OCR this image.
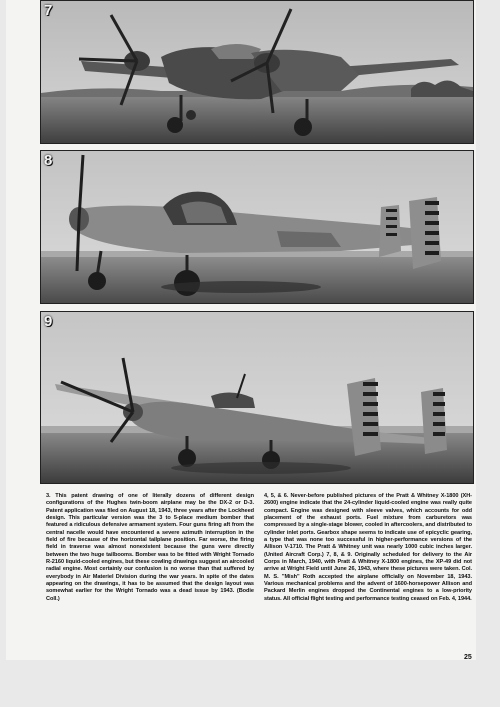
7
8
9
3. This patent drawing of one of literally dozens of different design configurations of the Hughes twin-boom airplane may be the DX-2 or D-3. Patent application was filed on August 18, 1943, three years after the Lockheed design. This particular version was the 3 to 5-place medium bomber that featured a ridiculous defensive armament system. Four guns firing aft from the central nacelle would have encountered a severe azimuth interruption in the field of fire because of the horizontal tailplane position. Far worse, the firing field in traverse was almost nonexistent because the guns were directly between the two huge tailbooms. Bomber was to be fitted with Wright Tornado R-2160 liquid-cooled engines, but these cowling drawings suggest an aircooled radial engine. Most certainly our confusion is no worse than that suffered by everybody in Air Materiel Division during the war years. In spite of the dates appearing on the drawings, it has to be assumed that the design layout was somewhat earlier for the Wright Tornado was a dead issue by 1943. (Bodie Coll.)
4, 5, & 6. Never-before published pictures of the Pratt & Whitney X-1800 (XH-2600) engine indicate that the 24-cylinder liquid-cooled engine was really quite compact. Engine was designed with sleeve valves, which accounts for odd placement of the exhaust ports. Fuel mixture from carburetors was compressed by a single-stage blower, cooled in aftercoolers, and distributed to cylinder inlet ports. Gearbox shape seems to indicate use of epicyclic gearing, a type that was none too successful in higher-performance versions of the Allison V-1710. The Pratt & Whitney unit was nearly 1000 cubic inches larger. (United Aircraft Corp.) 7, 8, & 9. Originally scheduled for delivery to the Air Corps in March, 1940, with Pratt & Whitney X-1800 engines, the XP-49 did not arrive at Wright Field until June 26, 1943, where these pictures were taken. Col. M. S. "Mish" Roth accepted the airplane officially on November 18, 1943. Various mechanical problems and the advent of 1600-horsepower Allison and Packard Merlin engines dropped the Continental engines to a low-priority status. All official flight testing and performance testing ceased on Feb. 4, 1944.
25
